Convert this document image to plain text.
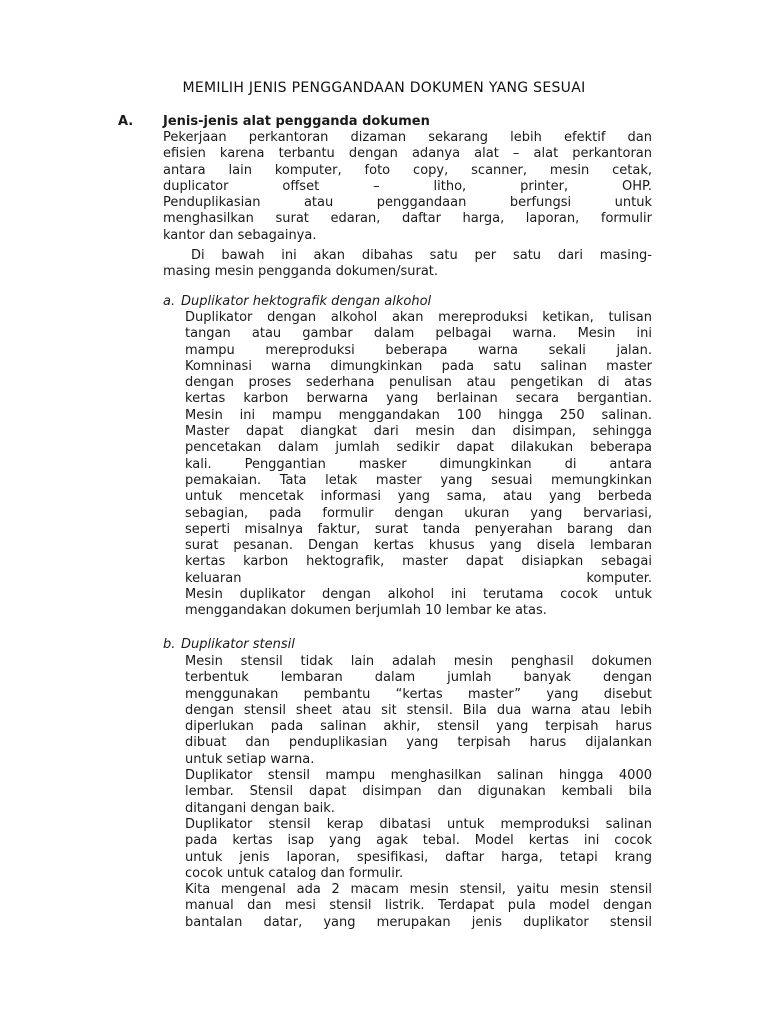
MEMILIH JENIS PENGGANDAAN DOKUMEN YANG SESUAI
A. Jenis-jenis alat pengganda dokumen
Pekerjaan perkantoran dizaman sekarang lebih efektif dan
efisien karena terbantu dengan adanya alat – alat perkantoran
antara lain komputer, foto copy, scanner, mesin cetak,
duplicator offset – litho, printer, OHP.
Penduplikasian atau penggandaan berfungsi untuk
menghasilkan surat edaran, daftar harga, laporan, formulir
kantor dan sebagainya.
Di bawah ini akan dibahas satu per satu dari masing-
masing mesin pengganda dokumen/surat.
a. Duplikator hektografik dengan alkohol
Duplikator dengan alkohol akan mereproduksi ketikan, tulisan
tangan atau gambar dalam pelbagai warna. Mesin ini
mampu mereproduksi beberapa warna sekali jalan.
Komninasi warna dimungkinkan pada satu salinan master
dengan proses sederhana penulisan atau pengetikan di atas
kertas karbon berwarna yang berlainan secara bergantian.
Mesin ini mampu menggandakan 100 hingga 250 salinan.
Master dapat diangkat dari mesin dan disimpan, sehingga
pencetakan dalam jumlah sedikir dapat dilakukan beberapa
kali. Penggantian masker dimungkinkan di antara
pemakaian. Tata letak master yang sesuai memungkinkan
untuk mencetak informasi yang sama, atau yang berbeda
sebagian, pada formulir dengan ukuran yang bervariasi,
seperti misalnya faktur, surat tanda penyerahan barang dan
surat pesanan. Dengan kertas khusus yang disela lembaran
kertas karbon hektografik, master dapat disiapkan sebagai
keluaran komputer.
Mesin duplikator dengan alkohol ini terutama cocok untuk
menggandakan dokumen berjumlah 10 lembar ke atas.
b. Duplikator stensil
Mesin stensil tidak lain adalah mesin penghasil dokumen
terbentuk lembaran dalam jumlah banyak dengan
menggunakan pembantu “kertas master” yang disebut
dengan stensil sheet atau sit stensil. Bila dua warna atau lebih
diperlukan pada salinan akhir, stensil yang terpisah harus
dibuat dan penduplikasian yang terpisah harus dijalankan
untuk setiap warna.
Duplikator stensil mampu menghasilkan salinan hingga 4000
lembar. Stensil dapat disimpan dan digunakan kembali bila
ditangani dengan baik.
Duplikator stensil kerap dibatasi untuk memproduksi salinan
pada kertas isap yang agak tebal. Model kertas ini cocok
untuk jenis laporan, spesifikasi, daftar harga, tetapi krang
cocok untuk catalog dan formulir.
Kita mengenal ada 2 macam mesin stensil, yaitu mesin stensil
manual dan mesi stensil listrik. Terdapat pula model dengan
bantalan datar, yang merupakan jenis duplikator stensil
